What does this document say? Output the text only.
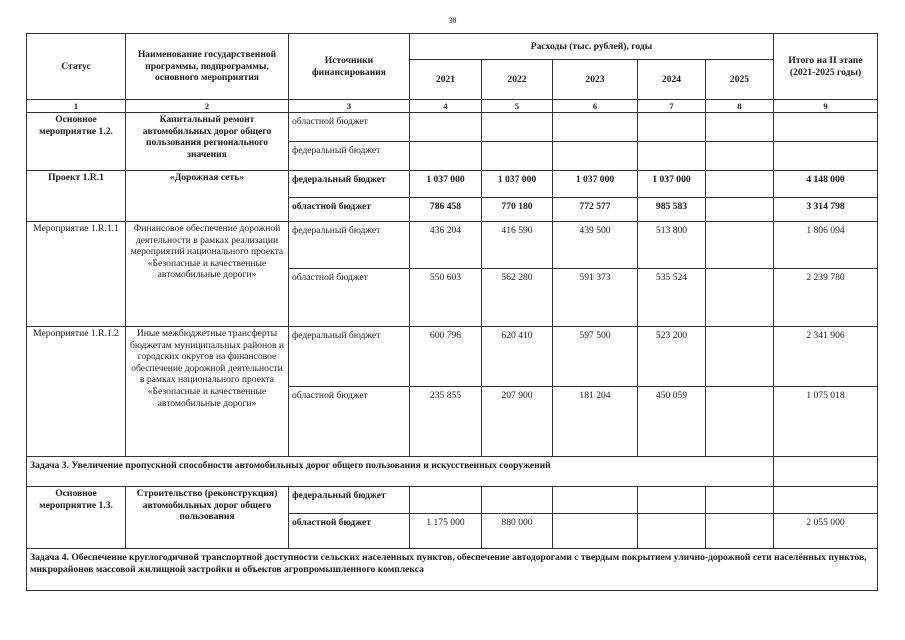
38
Статус	Наименование государственной программы, подпрограммы, основного мероприятия	Источники финансирования	Расходы (тыс. рублей), годы					Итого на II этапе (2021-2025 годы)
			2021	2022	2023	2024	2025	
1	2	3	4	5	6	7	8	9
Основное мероприятие 1.2.	Капитальный ремонт автомобильных дорог общего пользования регионального значения	областной бюджет						
		федеральный бюджет						
Проект 1.R.1	«Дорожная сеть»	федеральный бюджет	1 037 000	1 037 000	1 037 000	1 037 000		4 148 000
		областной бюджет	786 458	770 180	772 577	985 583		3 314 798
Мероприятие 1.R.1.1	Финансовое обеспечение дорожной деятельности в рамках реализации мероприятий национального проекта «Безопасные и качественные автомобильные дороги»	федеральный бюджет	436 204	416 590	439 500	513 800		1 806 094
		областной бюджет	550 603	562 280	591 373	535 524		2 239 780
Мероприятие 1.R.1.2	Иные межбюджетные трансферты бюджетам муниципальных районов и городских округов на финансовое обеспечение дорожной деятельности в рамках национального проекта «Безопасные и качественные автомобильные дороги»	федеральный бюджет	600 796	620 410	597 500	523 200		2 341 906
		областной бюджет	235 855	207 900	181 204	450 059		1 075 018
Задача 3. Увеличение пропускной способности автомобильных дорог общего пользования и искусственных сооружений								
Основное мероприятие 1.3.	Строительство (реконструкция) автомобильных дорог общего пользования	федеральный бюджет						
		областной бюджет	1 175 000	880 000				2 055 000
Задача 4. Обеспечение круглогодичной транспортной доступности сельских населенных пунктов, обеспечение автодорогами с твердым покрытием улично-дорожной сети населённых пунктов, микрорайонов массовой жилищной застройки и объектов агропромышленного комплекса								
